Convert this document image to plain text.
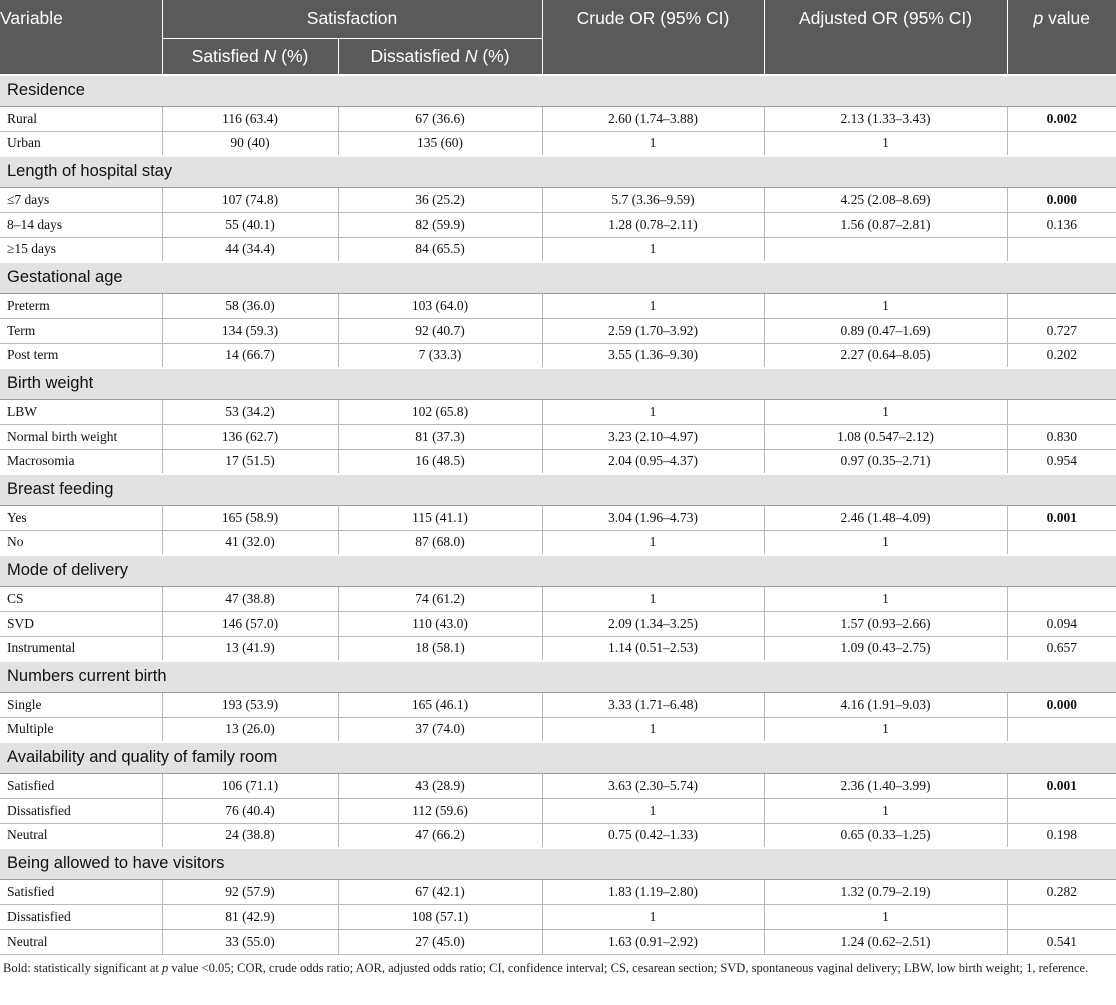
Variable	Satisfaction		Crude OR (95% CI)	Adjusted OR (95% CI)	p value
	Satisfied N (%)	Dissatisfied N (%)			
Residence					
Rural	116 (63.4)	67 (36.6)	2.60 (1.74–3.88)	2.13 (1.33–3.43)	0.002
Urban	90 (40)	135 (60)	1	1	
Length of hospital stay					
≤7 days	107 (74.8)	36 (25.2)	5.7 (3.36–9.59)	4.25 (2.08–8.69)	0.000
8–14 days	55 (40.1)	82 (59.9)	1.28 (0.78–2.11)	1.56 (0.87–2.81)	0.136
≥15 days	44 (34.4)	84 (65.5)	1		
Gestational age					
Preterm	58 (36.0)	103 (64.0)	1	1	
Term	134 (59.3)	92 (40.7)	2.59 (1.70–3.92)	0.89 (0.47–1.69)	0.727
Post term	14 (66.7)	7 (33.3)	3.55 (1.36–9.30)	2.27 (0.64–8.05)	0.202
Birth weight					
LBW	53 (34.2)	102 (65.8)	1	1	
Normal birth weight	136 (62.7)	81 (37.3)	3.23 (2.10–4.97)	1.08 (0.547–2.12)	0.830
Macrosomia	17 (51.5)	16 (48.5)	2.04 (0.95–4.37)	0.97 (0.35–2.71)	0.954
Breast feeding					
Yes	165 (58.9)	115 (41.1)	3.04 (1.96–4.73)	2.46 (1.48–4.09)	0.001
No	41 (32.0)	87 (68.0)	1	1	
Mode of delivery					
CS	47 (38.8)	74 (61.2)	1	1	
SVD	146 (57.0)	110 (43.0)	2.09 (1.34–3.25)	1.57 (0.93–2.66)	0.094
Instrumental	13 (41.9)	18 (58.1)	1.14 (0.51–2.53)	1.09 (0.43–2.75)	0.657
Numbers current birth					
Single	193 (53.9)	165 (46.1)	3.33 (1.71–6.48)	4.16 (1.91–9.03)	0.000
Multiple	13 (26.0)	37 (74.0)	1	1	
Availability and quality of family room					
Satisfied	106 (71.1)	43 (28.9)	3.63 (2.30–5.74)	2.36 (1.40–3.99)	0.001
Dissatisfied	76 (40.4)	112 (59.6)	1	1	
Neutral	24 (38.8)	47 (66.2)	0.75 (0.42–1.33)	0.65 (0.33–1.25)	0.198
Being allowed to have visitors					
Satisfied	92 (57.9)	67 (42.1)	1.83 (1.19–2.80)	1.32 (0.79–2.19)	0.282
Dissatisfied	81 (42.9)	108 (57.1)	1	1	
Neutral	33 (55.0)	27 (45.0)	1.63 (0.91–2.92)	1.24 (0.62–2.51)	0.541
Bold: statistically significant at p value <0.05; COR, crude odds ratio; AOR, adjusted odds ratio; CI, confidence interval; CS, cesarean section; SVD, spontaneous vaginal delivery; LBW, low birth weight; 1, reference.
